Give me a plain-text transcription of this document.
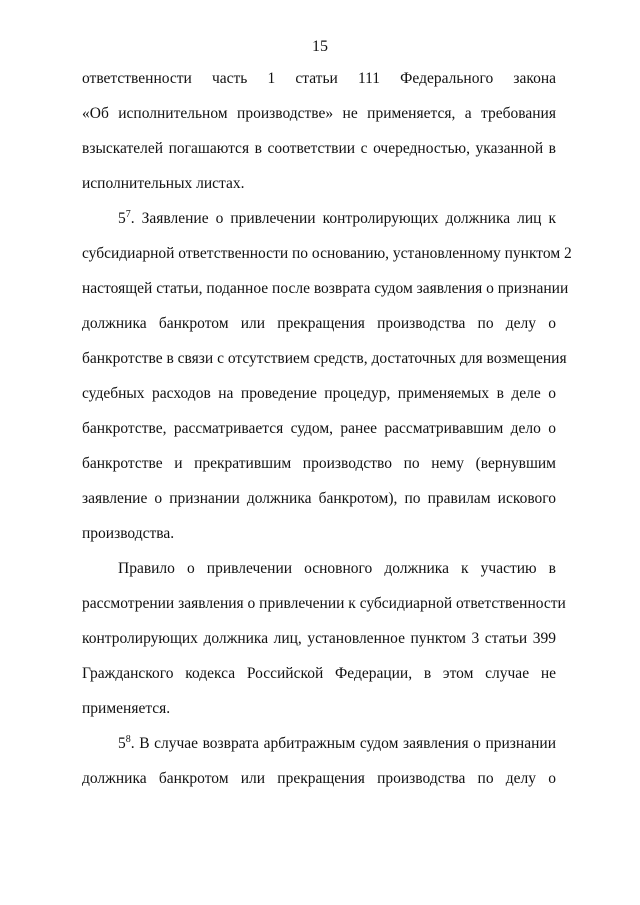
15
ответственности часть 1 статьи 111 Федерального закона
«Об исполнительном производстве» не применяется, а требования
взыскателей погашаются в соответствии с очередностью, указанной в
исполнительных листах.
$5^7$. Заявление о привлечении контролирующих должника лиц к
субсидиарной ответственности по основанию, установленному пунктом 2
настоящей статьи, поданное после возврата судом заявления о признании
должника банкротом или прекращения производства по делу о
банкротстве в связи с отсутствием средств, достаточных для возмещения
судебных расходов на проведение процедур, применяемых в деле о
банкротстве, рассматривается судом, ранее рассматривавшим дело о
банкротстве и прекратившим производство по нему (вернувшим
заявление о признании должника банкротом), по правилам искового
производства.
Правило о привлечении основного должника к участию в
рассмотрении заявления о привлечении к субсидиарной ответственности
контролирующих должника лиц, установленное пунктом 3 статьи 399
Гражданского кодекса Российской Федерации, в этом случае не
применяется.
$5^8$. В случае возврата арбитражным судом заявления о признании
должника банкротом или прекращения производства по делу о
